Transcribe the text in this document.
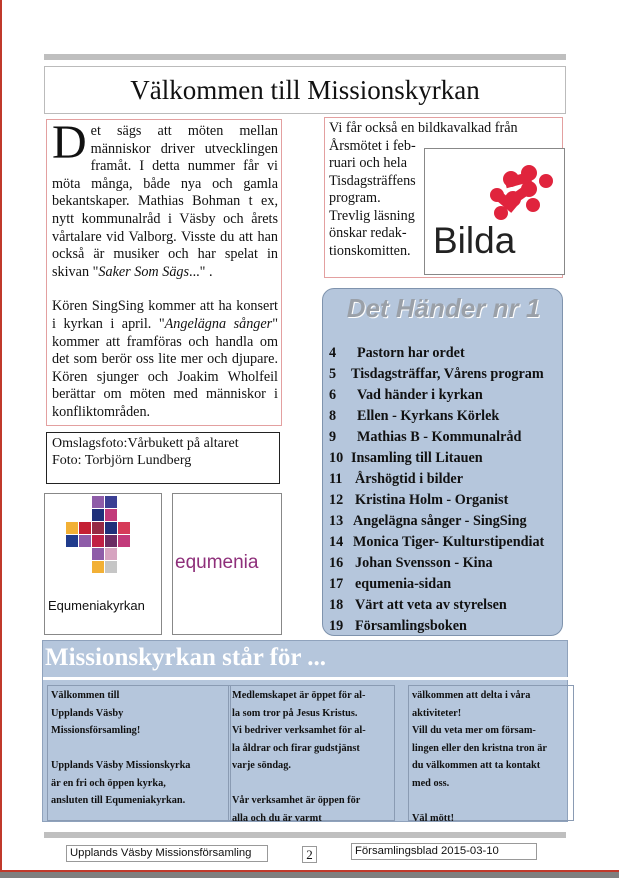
Välkommen till Missionskyrkan

Det sägs att möten mellan människor driver utvecklingen framåt. I detta nummer får vi möta många, både nya och gamla bekantskaper. Mathias Bohman t ex, nytt kommunalråd i Väsby och årets vårtalare vid Valborg. Visste du att han också är musiker och har spelat in skivan "Saker Som Sägs..." .

Kören SingSing kommer att ha konsert i kyrkan i april. "Angelägna sånger" kommer att framföras och handla om det som berör oss lite mer och djupare. Kören sjunger och Joakim Wholfeil berättar om möten med människor i konfliktområden.

Vi får också en bildkavalkad från
Årsmötet i feb-
ruari och hela
Tisdagsträffens
program.
Trevlig läsning
önskar redak-
tionskomitten. Bilda
Omslagsfoto:Vårbukett på altaret
Foto: Torbjörn Lundberg
Equmeniakyrkan
equmenia
Det Händer nr 1
4 Pastorn har ordet
5 Tisdagsträffar, Vårens program
6 Vad händer i kyrkan
8 Ellen - Kyrkans Körlek
9 Mathias B - Kommunalråd
10 Insamling till Litauen
11 Årshögtid i bilder
12 Kristina Holm - Organist
13 Angelägna sånger - SingSing
14 Monica Tiger- Kulturstipendiat
16 Johan Svensson - Kina
17 equmenia-sidan
18 Värt att veta av styrelsen
19 Församlingsboken
Missionskyrkan står för ...
Välkommen till
Upplands Väsby
Missionsförsamling!
Upplands Väsby Missionskyrka
är en fri och öppen kyrka,
ansluten till Equmeniakyrkan.
Medlemskapet är öppet för al-
la som tror på Jesus Kristus.
Vi bedriver verksamhet för al-
la åldrar och firar gudstjänst
varje söndag.
Vår verksamhet är öppen för
alla och du är varmt
välkommen att delta i våra
aktiviteter!
Vill du veta mer om försam-
lingen eller den kristna tron är
du välkommen att ta kontakt
med oss.
Väl mött!
Upplands Väsby Missionsförsamling	2	Församlingsblad 2015-03-10
